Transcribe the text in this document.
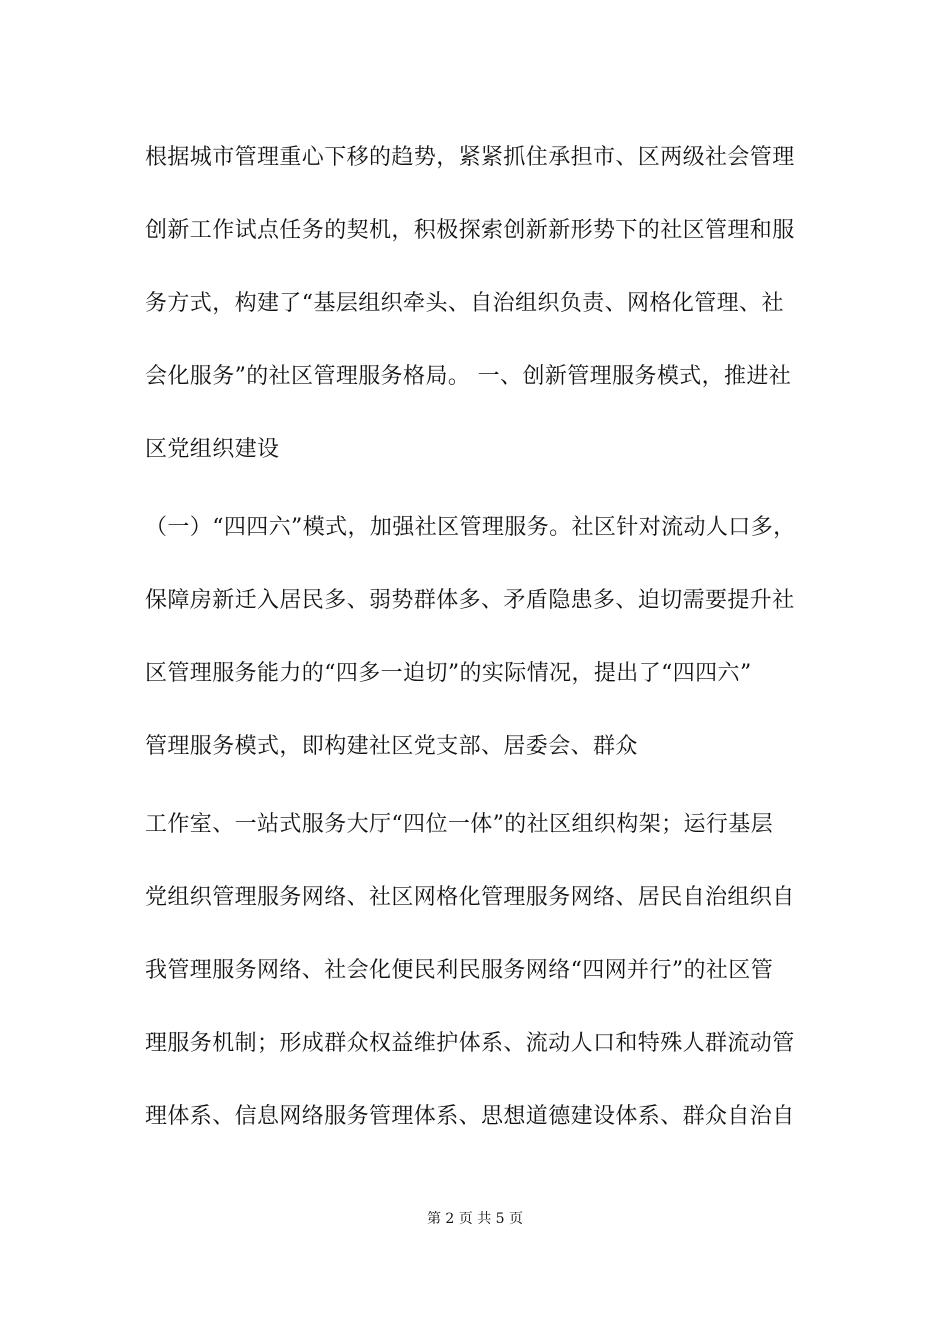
根据城市管理重心下移的趋势，紧紧抓住承担市、区两级社会管理
创新工作试点任务的契机，积极探索创新新形势下的社区管理和服
务方式，构建了“基层组织牵头、自治组织负责、网格化管理、社
会化服务”的社区管理服务格局。 一、创新管理服务模式，推进社
区党组织建设
（一）“四四六”模式，加强社区管理服务。社区针对流动人口多，
保障房新迁入居民多、弱势群体多、矛盾隐患多、迫切需要提升社
区管理服务能力的“四多一迫切”的实际情况，提出了“四四六”
管理服务模式，即构建社区党支部、居委会、群众
工作室、一站式服务大厅“四位一体”的社区组织构架；运行基层
党组织管理服务网络、社区网格化管理服务网络、居民自治组织自
我管理服务网络、社会化便民利民服务网络“四网并行”的社区管
理服务机制；形成群众权益维护体系、流动人口和特殊人群流动管
理体系、信息网络服务管理体系、思想道德建设体系、群众自治自
第 2 页 共 5 页
